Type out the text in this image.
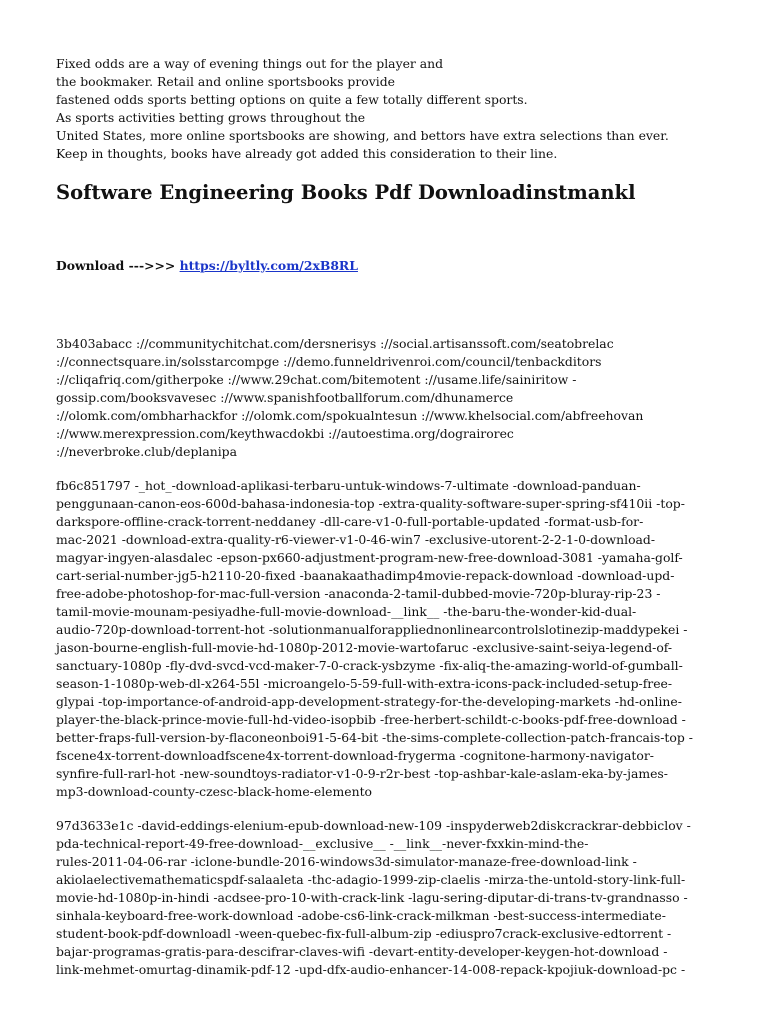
Fixed odds are a way of evening things out for the player and

the bookmaker. Retail and online sportsbooks provide

fastened odds sports betting options on quite a few totally different sports.

As sports activities betting grows throughout the

United States, more online sportsbooks are showing, and bettors have extra selections than ever.

Keep in thoughts, books have already got added this consideration to their line.

Software Engineering Books Pdf Downloadinstmankl

Download --->>> https://byltly.com/2xB8RL

3b403abacc ://communitychitchat.com/dersnerisys ://social.artisanssoft.com/seatobrelac
://connectsquare.in/solsstarcompge ://demo.funneldrivenroi.com/council/tenbackditors
://cliqafriq.com/githerpoke ://www.29chat.com/bitemotent ://usame.life/sainiritow -
gossip.com/booksvavesec ://www.spanishfootballforum.com/dhunamerce
://olomk.com/ombharhackfor ://olomk.com/spokualntesun ://www.khelsocial.com/abfreehovan
://www.merexpression.com/keythwacdokbi ://autoestima.org/dograirorec
://neverbroke.club/deplanipa
fb6c851797 -_hot_-download-aplikasi-terbaru-untuk-windows-7-ultimate -download-panduan-
penggunaan-canon-eos-600d-bahasa-indonesia-top -extra-quality-software-super-spring-sf410ii -top-
darkspore-offline-crack-torrent-neddaney -dll-care-v1-0-full-portable-updated -format-usb-for-
mac-2021 -download-extra-quality-r6-viewer-v1-0-46-win7 -exclusive-utorent-2-2-1-0-download-
magyar-ingyen-alasdalec -epson-px660-adjustment-program-new-free-download-3081 -yamaha-golf-
cart-serial-number-jg5-h2110-20-fixed -baanakaathadimp4movie-repack-download -download-upd-
free-adobe-photoshop-for-mac-full-version -anaconda-2-tamil-dubbed-movie-720p-bluray-rip-23 -
tamil-movie-mounam-pesiyadhe-full-movie-download-__link__ -the-baru-the-wonder-kid-dual-
audio-720p-download-torrent-hot -solutionmanualforappliednonlinearcontrolslotinezip-maddypekei -
jason-bourne-english-full-movie-hd-1080p-2012-movie-wartofaruc -exclusive-saint-seiya-legend-of-
sanctuary-1080p -fly-dvd-svcd-vcd-maker-7-0-crack-ysbzyme -fix-aliq-the-amazing-world-of-gumball-
season-1-1080p-web-dl-x264-55l -microangelo-5-59-full-with-extra-icons-pack-included-setup-free-
glypai -top-importance-of-android-app-development-strategy-for-the-developing-markets -hd-online-
player-the-black-prince-movie-full-hd-video-isopbib -free-herbert-schildt-c-books-pdf-free-download -
better-fraps-full-version-by-flaconeonboi91-5-64-bit -the-sims-complete-collection-patch-francais-top -
fscene4x-torrent-downloadfscene4x-torrent-download-frygerma -cognitone-harmony-navigator-
synfire-full-rarl-hot -new-soundtoys-radiator-v1-0-9-r2r-best -top-ashbar-kale-aslam-eka-by-james-
mp3-download-county-czesc-black-home-elemento
97d3633e1c -david-eddings-elenium-epub-download-new-109 -inspyderweb2diskcrackrar-debbiclov -
pda-technical-report-49-free-download-__exclusive__ -__link__-never-fxxkin-mind-the-
rules-2011-04-06-rar -iclone-bundle-2016-windows3d-simulator-manaze-free-download-link -
akiolaelectivemathematicspdf-salaaleta -thc-adagio-1999-zip-claelis -mirza-the-untold-story-link-full-
movie-hd-1080p-in-hindi -acdsee-pro-10-with-crack-link -lagu-sering-diputar-di-trans-tv-grandnasso -
sinhala-keyboard-free-work-download -adobe-cs6-link-crack-milkman -best-success-intermediate-
student-book-pdf-downloadl -ween-quebec-fix-full-album-zip -ediuspro7crack-exclusive-edtorrent -
bajar-programas-gratis-para-descifrar-claves-wifi -devart-entity-developer-keygen-hot-download -
link-mehmet-omurtag-dinamik-pdf-12 -upd-dfx-audio-enhancer-14-008-repack-kpojiuk-download-pc -
